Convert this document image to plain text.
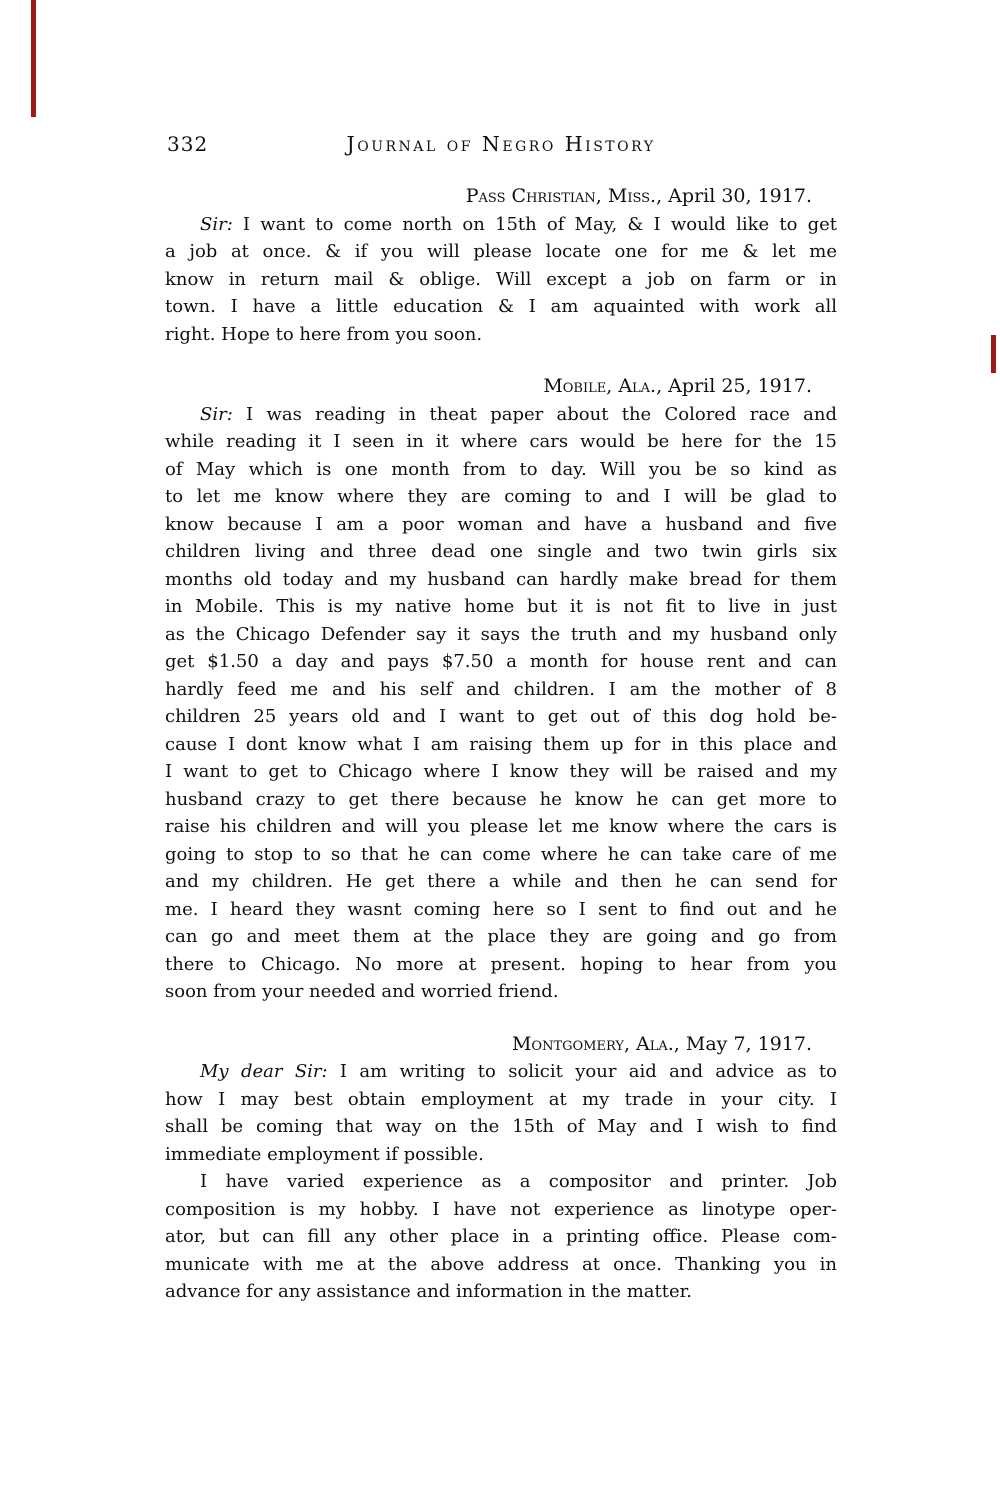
332	Journal of Negro History
Pass Christian, Miss., April 30, 1917.
Sir: I want to come north on 15th of May, & I would like to get
a job at once. & if you will please locate one for me & let me
know in return mail & oblige. Will except a job on farm or in
town. I have a little education & I am aquainted with work all
right. Hope to here from you soon.
Mobile, Ala., April 25, 1917.
Sir: I was reading in theat paper about the Colored race and
while reading it I seen in it where cars would be here for the 15
of May which is one month from to day. Will you be so kind as
to let me know where they are coming to and I will be glad to
know because I am a poor woman and have a husband and five
children living and three dead one single and two twin girls six
months old today and my husband can hardly make bread for them
in Mobile. This is my native home but it is not fit to live in just
as the Chicago Defender say it says the truth and my husband only
get $1.50 a day and pays $7.50 a month for house rent and can
hardly feed me and his self and children. I am the mother of 8
children 25 years old and I want to get out of this dog hold be-
cause I dont know what I am raising them up for in this place and
I want to get to Chicago where I know they will be raised and my
husband crazy to get there because he know he can get more to
raise his children and will you please let me know where the cars is
going to stop to so that he can come where he can take care of me
and my children. He get there a while and then he can send for
me. I heard they wasnt coming here so I sent to find out and he
can go and meet them at the place they are going and go from
there to Chicago. No more at present. hoping to hear from you
soon from your needed and worried friend.
Montgomery, Ala., May 7, 1917.
My dear Sir: I am writing to solicit your aid and advice as to
how I may best obtain employment at my trade in your city. I
shall be coming that way on the 15th of May and I wish to find
immediate employment if possible.
I have varied experience as a compositor and printer. Job
composition is my hobby. I have not experience as linotype oper-
ator, but can fill any other place in a printing office. Please com-
municate with me at the above address at once. Thanking you in
advance for any assistance and information in the matter.
